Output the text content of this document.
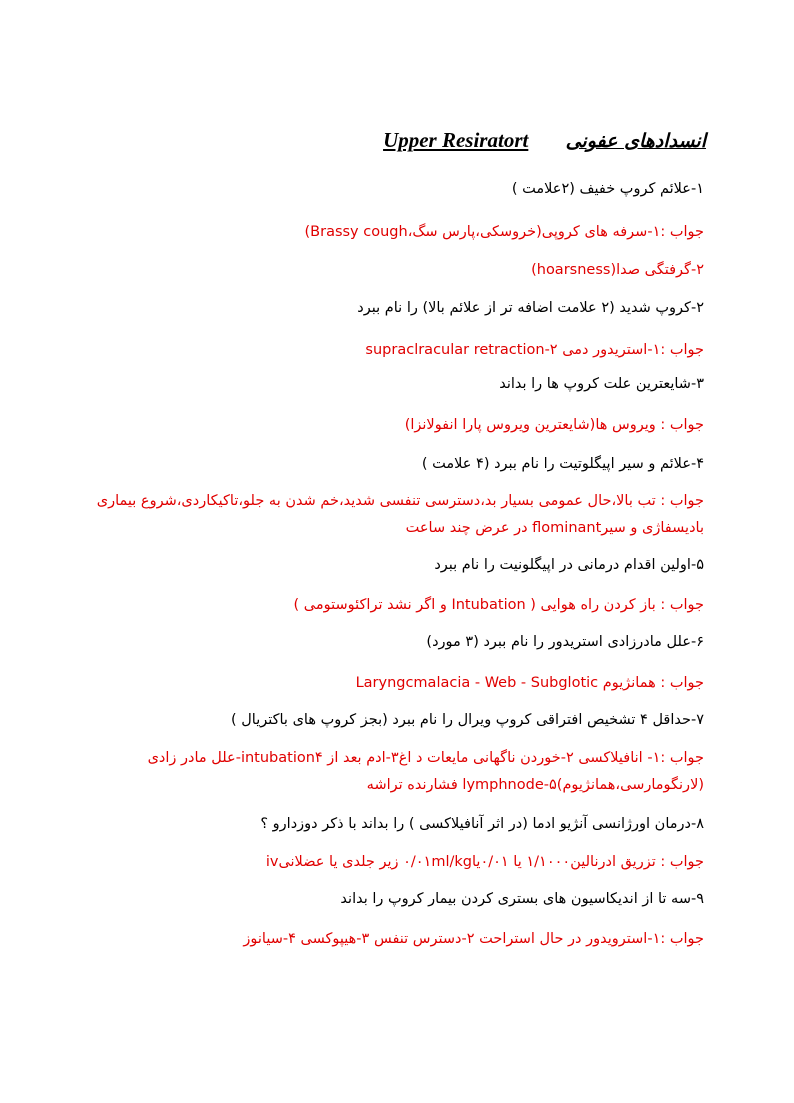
انسدادهای عفونی  Upper Resiratort
۱-علائم کروپ خفیف (۲علامت )
جواب :۱-سرفه های کروپی(خروسکی،پارس سگ،Brassy cough)
۲-گرفتگی صدا(hoarsness)
۲-کروپ شدید (۲ علامت اضافه تر از علائم بالا) را نام ببرد
جواب :۱-استریدور دمی ۲-supraclracular retraction
۳-شایعترین علت کروپ ها را بداند
جواب : ویروس ها(شایعترین ویروس پارا انفولانزا)
۴-علائم و سیر اپیگلوتیت را نام ببرد (۴ علامت )
جواب : تب بالا،حال عمومی بسیار بد،دسترسی تنفسی شدید،خم شدن به جلو،تاکیکاردی،شروع بیماری بادیسفاژی و سیرflominant در عرض چند ساعت
۵-اولین اقدام درمانی در اپیگلونیت را نام ببرد
جواب : باز کردن راه هوایی ( Intubation و اگر نشد تراکئوستومی )
۶-علل مادرزادی استریدور را نام ببرد (۳ مورد)
جواب : همانژیوم Laryngcmalacia - Web - Subglotic
۷-حداقل ۴ تشخیص افتراقی کروپ ویرال را نام ببرد (بجز کروپ های باکتریال )
جواب :۱- انافیلاکسی ۲-خوردن ناگهانی مایعات د اغ۳-ادم بعد از intubation۴-علل مادر زادی (لارنگومارسی،همانژیوم)۵-lymphnode فشارنده تراشه
۸-درمان اورژانسی آنژیو ادما (در اثر آنافیلاکسی ) را بداند با ذکر دوزدارو ؟
جواب : تزریق ادرنالین۱/۱۰۰۰ یا ۰/۰۱یا۰/۰۱ml/kg زیر جلدی یا عضلانیiv
۹-سه تا از اندیکاسیون های بستری کردن بیمار کروپ را بداند
جواب :۱-استرویدور در حال استراحت ۲-دسترس تنفس ۳-هیپوکسی ۴-سیانوز
